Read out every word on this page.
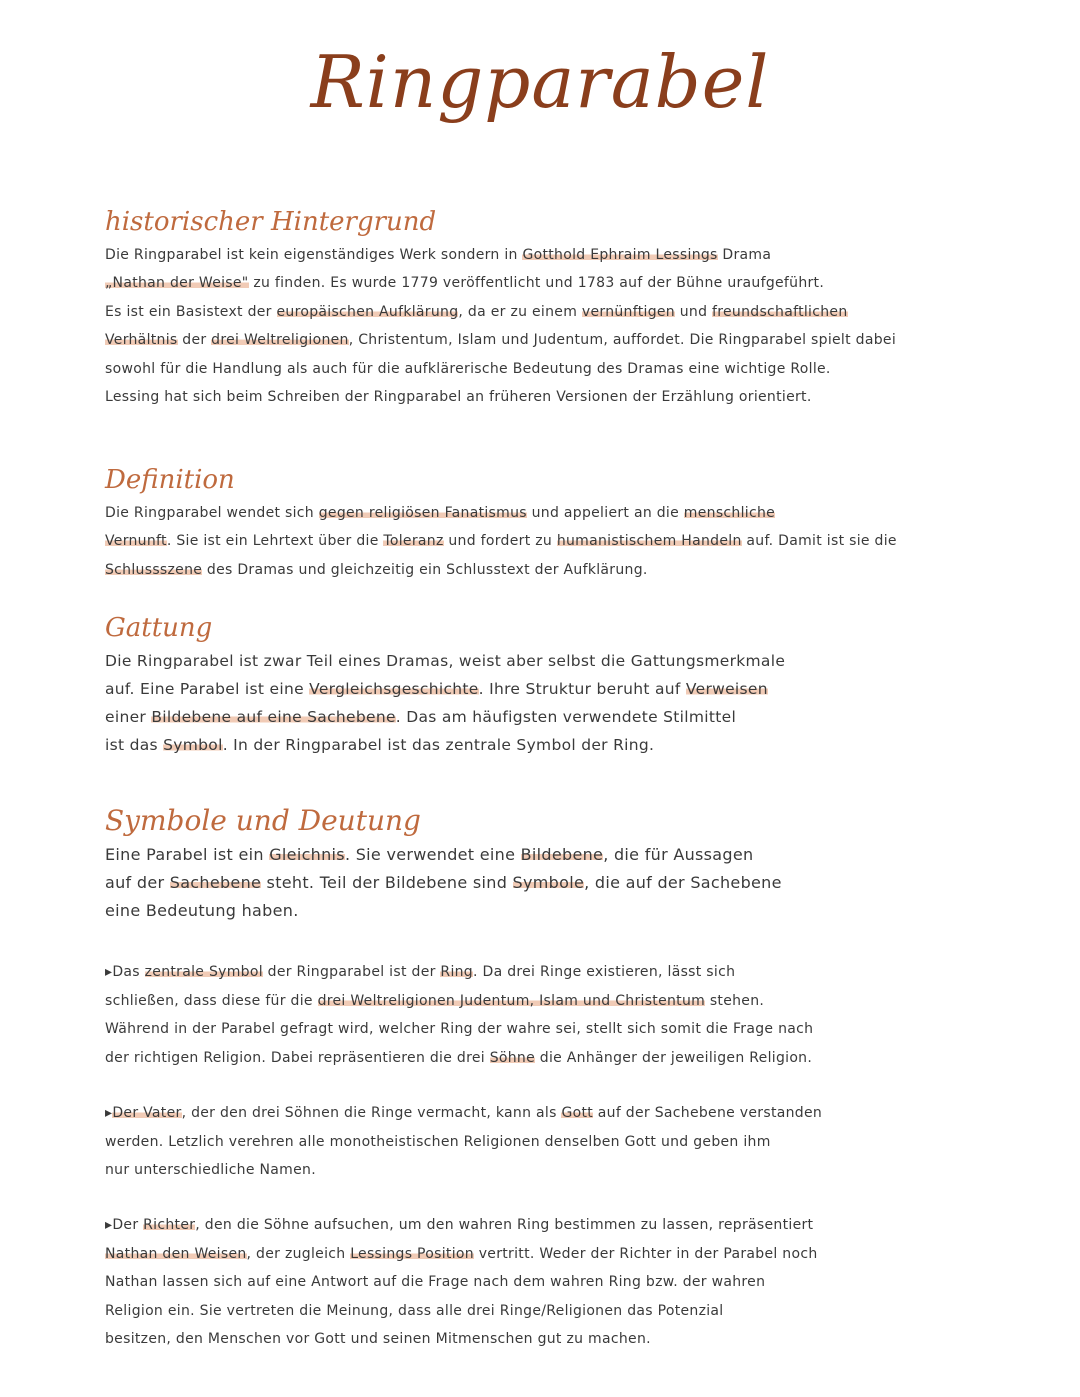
Ringparabel
historischer Hintergrund
Die Ringparabel ist kein eigenständiges Werk sondern in Gotthold Ephraim Lessings Drama
„Nathan der Weise" zu finden. Es wurde 1779 veröffentlicht und 1783 auf der Bühne uraufgeführt.
Es ist ein Basistext der europäischen Aufklärung, da er zu einem vernünftigen und freundschaftlichen
Verhältnis der drei Weltreligionen, Christentum, Islam und Judentum, auffordet. Die Ringparabel spielt dabei
sowohl für die Handlung als auch für die aufklärerische Bedeutung des Dramas eine wichtige Rolle.
Lessing hat sich beim Schreiben der Ringparabel an früheren Versionen der Erzählung orientiert.
Definition
Die Ringparabel wendet sich gegen religiösen Fanatismus und appeliert an die menschliche
Vernunft. Sie ist ein Lehrtext über die Toleranz und fordert zu humanistischem Handeln auf. Damit ist sie die
Schlussszene des Dramas und gleichzeitig ein Schlusstext der Aufklärung.
Gattung
Die Ringparabel ist zwar Teil eines Dramas, weist aber selbst die Gattungsmerkmale
auf. Eine Parabel ist eine Vergleichsgeschichte. Ihre Struktur beruht auf Verweisen
einer Bildebene auf eine Sachebene. Das am häufigsten verwendete Stilmittel
ist das Symbol. In der Ringparabel ist das zentrale Symbol der Ring.
Symbole und Deutung
Eine Parabel ist ein Gleichnis. Sie verwendet eine Bildebene, die für Aussagen
auf der Sachebene steht. Teil der Bildebene sind Symbole, die auf der Sachebene
eine Bedeutung haben.
▸Das zentrale Symbol der Ringparabel ist der Ring. Da drei Ringe existieren, lässt sich
schließen, dass diese für die drei Weltreligionen Judentum, Islam und Christentum stehen.
Während in der Parabel gefragt wird, welcher Ring der wahre sei, stellt sich somit die Frage nach
der richtigen Religion. Dabei repräsentieren die drei Söhne die Anhänger der jeweiligen Religion.
▸Der Vater, der den drei Söhnen die Ringe vermacht, kann als Gott auf der Sachebene verstanden
werden. Letzlich verehren alle monotheistischen Religionen denselben Gott und geben ihm
nur unterschiedliche Namen.
▸Der Richter, den die Söhne aufsuchen, um den wahren Ring bestimmen zu lassen, repräsentiert
Nathan den Weisen, der zugleich Lessings Position vertritt. Weder der Richter in der Parabel noch
Nathan lassen sich auf eine Antwort auf die Frage nach dem wahren Ring bzw. der wahren
Religion ein. Sie vertreten die Meinung, dass alle drei Ringe/Religionen das Potenzial
besitzen, den Menschen vor Gott und seinen Mitmenschen gut zu machen.
